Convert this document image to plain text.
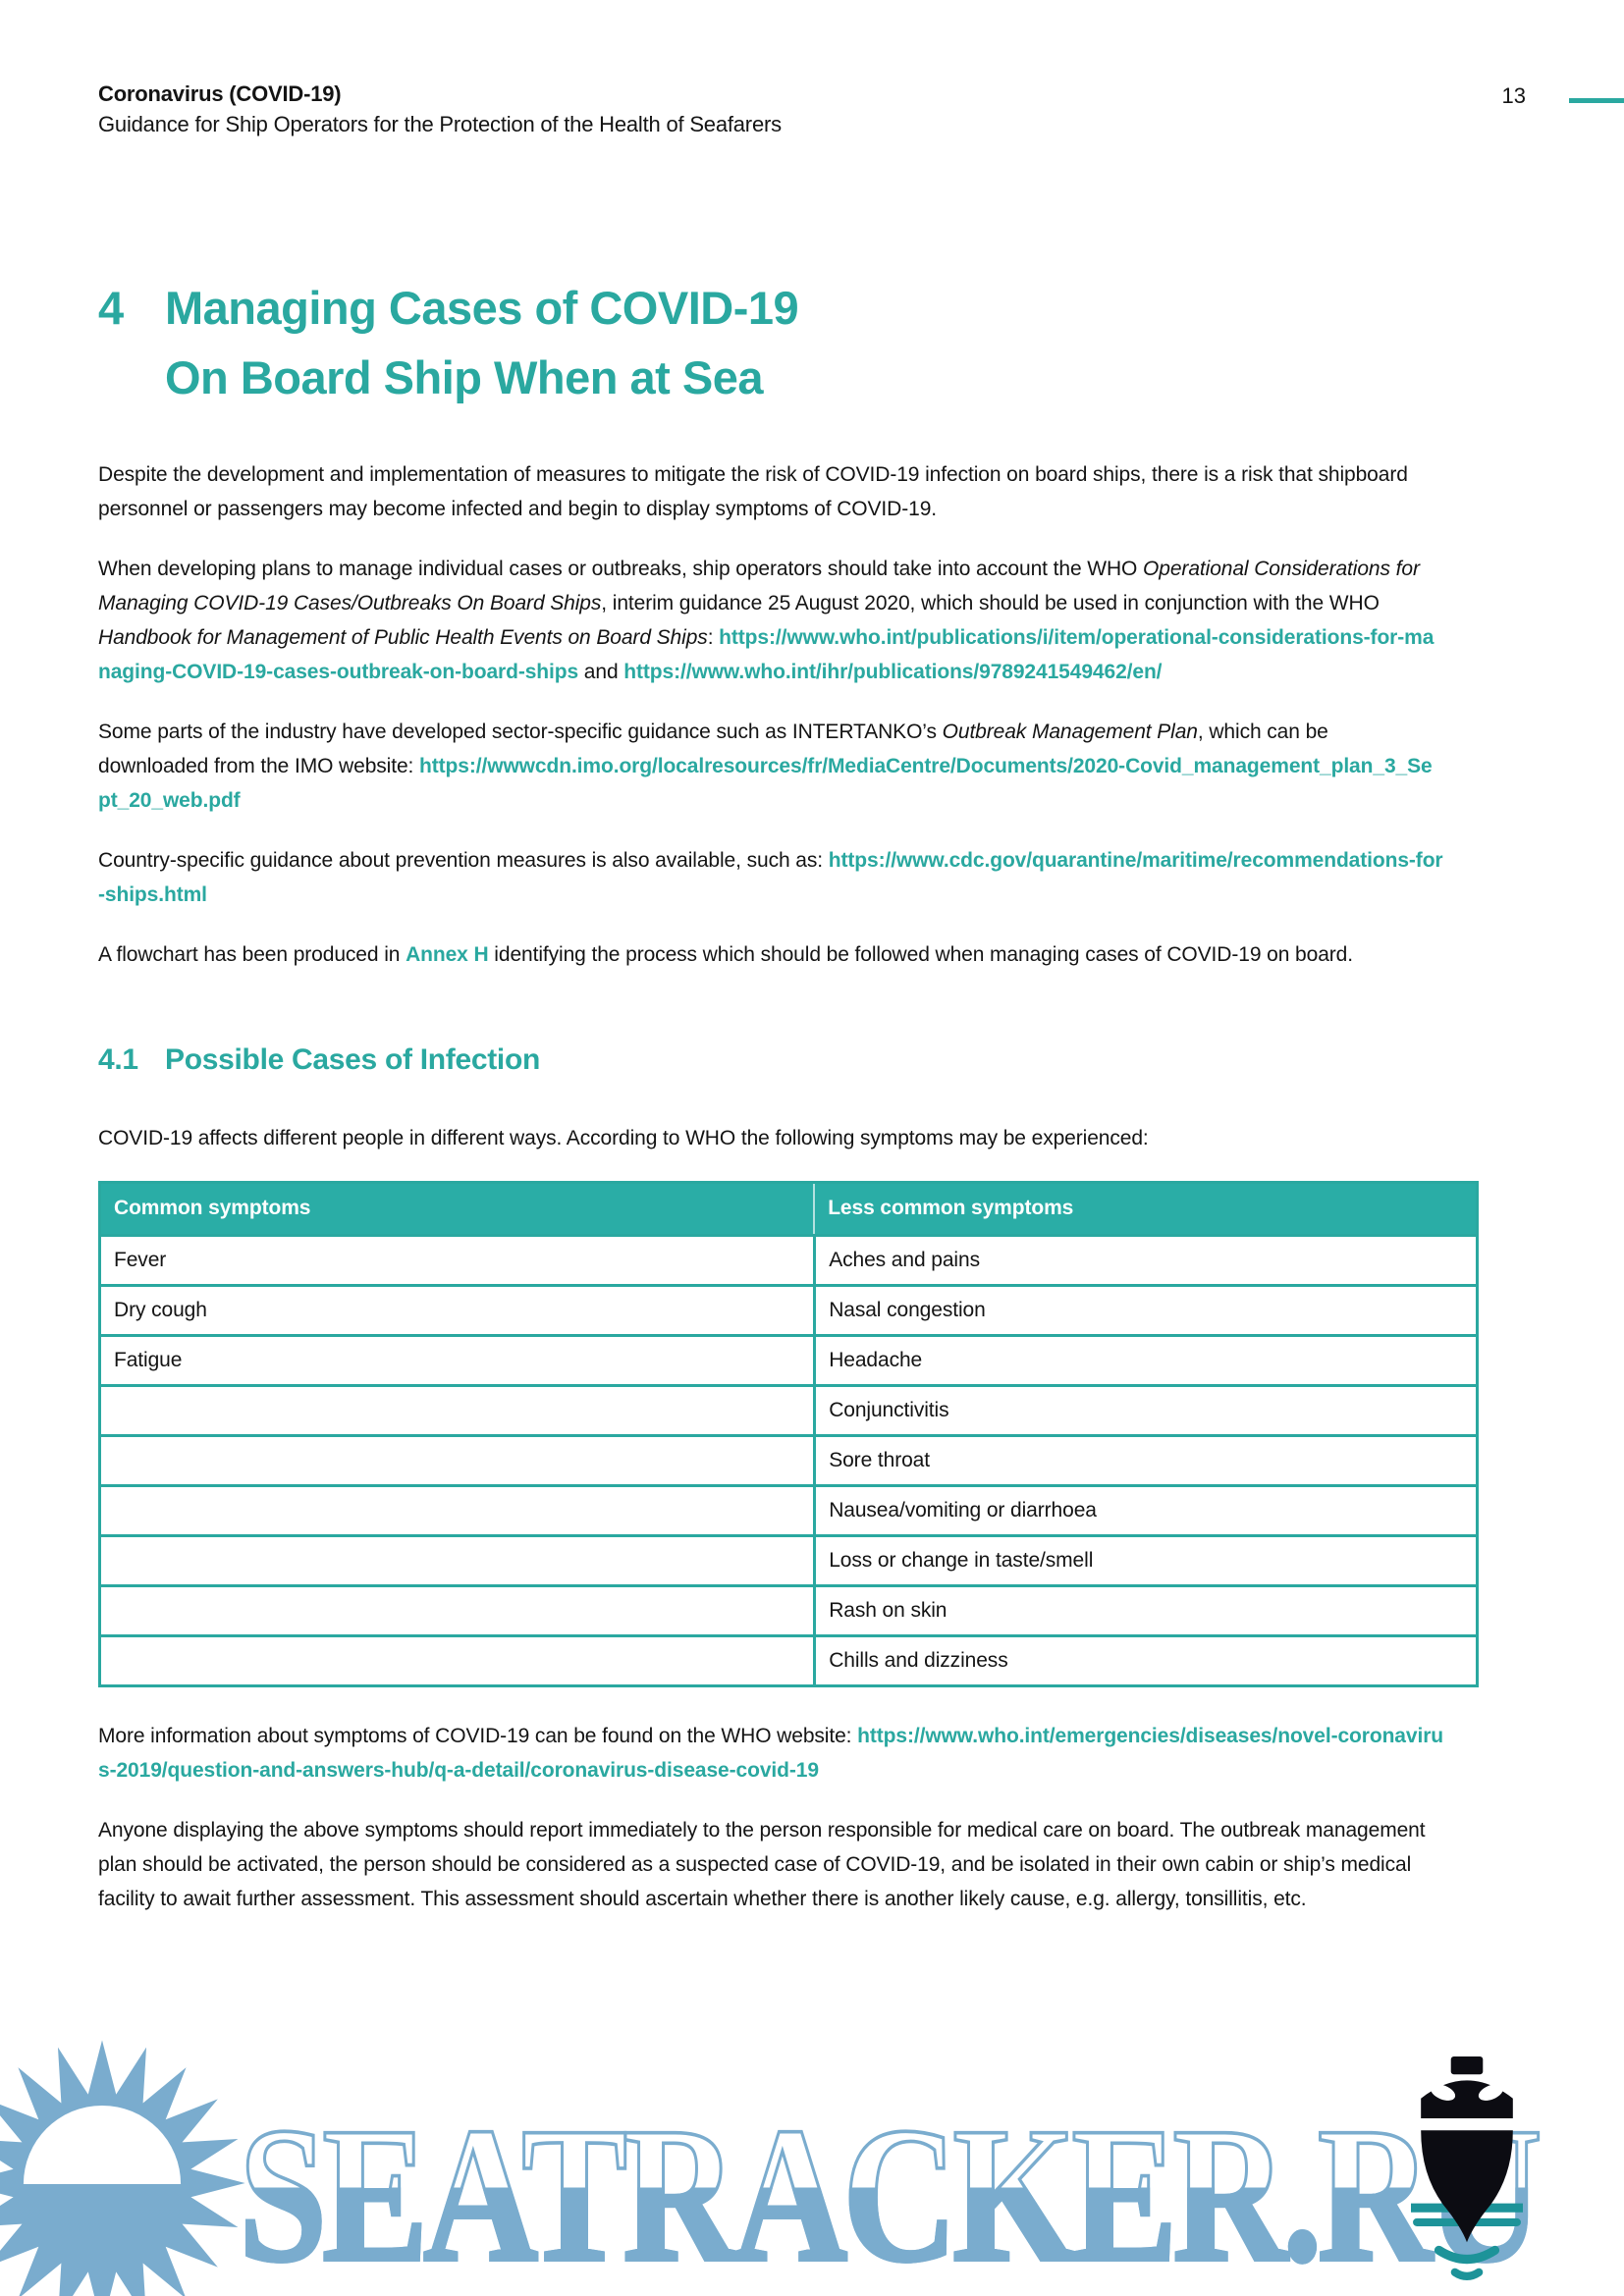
13
Coronavirus (COVID-19)
Guidance for Ship Operators for the Protection of the Health of Seafarers
4 Managing Cases of COVID-19
On Board Ship When at Sea

Despite the development and implementation of measures to mitigate the risk of COVID-19 infection on board ships, there is a risk that shipboard personnel or passengers may become infected and begin to display symptoms of COVID-19.

When developing plans to manage individual cases or outbreaks, ship operators should take into account the WHO Operational Considerations for Managing COVID-19 Cases/Outbreaks On Board Ships, interim guidance 25 August 2020, which should be used in conjunction with the WHO Handbook for Management of Public Health Events on Board Ships: https://www.who.int/publications/i/item/operational-considerations-for-managing-COVID-19-cases-outbreak-on-board-ships and https://www.who.int/ihr/publications/9789241549462/en/

Some parts of the industry have developed sector-specific guidance such as INTERTANKO’s Outbreak Management Plan, which can be downloaded from the IMO website: https://wwwcdn.imo.org/localresources/fr/MediaCentre/Documents/2020-Covid_management_plan_3_Sept_20_web.pdf

Country-specific guidance about prevention measures is also available, such as: https://www.cdc.gov/quarantine/maritime/recommendations-for-ships.html

A flowchart has been produced in Annex H identifying the process which should be followed when managing cases of COVID-19 on board.

4.1 Possible Cases of Infection

COVID-19 affects different people in different ways. According to WHO the following symptoms may be experienced:

Common symptoms	Less common symptoms
Fever	Aches and pains
Dry cough	Nasal congestion
Fatigue	Headache
	Conjunctivitis
	Sore throat
	Nausea/vomiting or diarrhoea
	Loss or change in taste/smell
	Rash on skin
	Chills and dizziness

More information about symptoms of COVID-19 can be found on the WHO website: https://www.who.int/emergencies/diseases/novel-coronavirus-2019/question-and-answers-hub/q-a-detail/coronavirus-disease-covid-19

Anyone displaying the above symptoms should report immediately to the person responsible for medical care on board. The outbreak management plan should be activated, the person should be considered as a suspected case of COVID-19, and be isolated in their own cabin or ship’s medical facility to await further assessment. This assessment should ascertain whether there is another likely cause, e.g. allergy, tonsillitis, etc.

SEATRACKER.RU
